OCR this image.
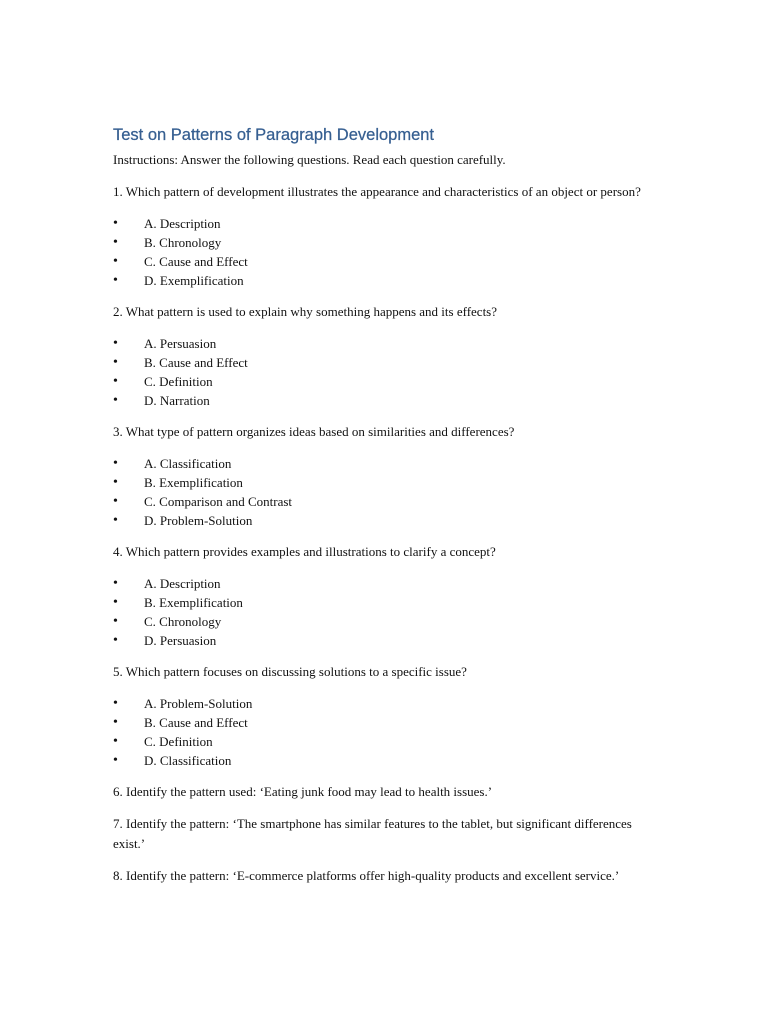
Test on Patterns of Paragraph Development

Instructions: Answer the following questions. Read each question carefully.

1. Which pattern of development illustrates the appearance and characteristics of an object or person?

• A. Description
• B. Chronology
• C. Cause and Effect
• D. Exemplification

2. What pattern is used to explain why something happens and its effects?

• A. Persuasion
• B. Cause and Effect
• C. Definition
• D. Narration

3. What type of pattern organizes ideas based on similarities and differences?

• A. Classification
• B. Exemplification
• C. Comparison and Contrast
• D. Problem-Solution

4. Which pattern provides examples and illustrations to clarify a concept?

• A. Description
• B. Exemplification
• C. Chronology
• D. Persuasion

5. Which pattern focuses on discussing solutions to a specific issue?

• A. Problem-Solution
• B. Cause and Effect
• C. Definition
• D. Classification

6. Identify the pattern used: ‘Eating junk food may lead to health issues.’

7. Identify the pattern: ‘The smartphone has similar features to the tablet, but significant differences exist.’

8. Identify the pattern: ‘E-commerce platforms offer high-quality products and excellent service.’
